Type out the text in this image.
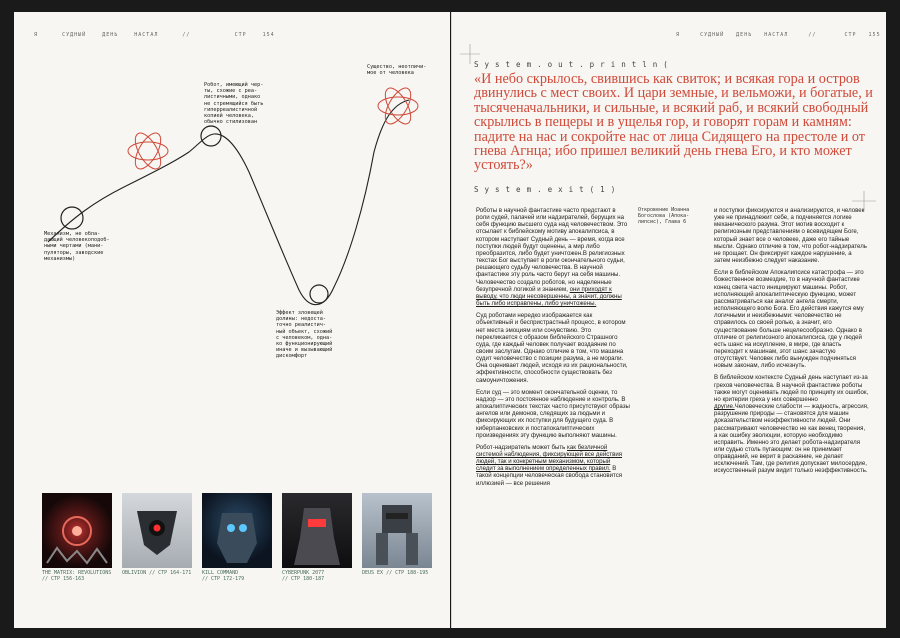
Я	СУДНЫЙ	ДЕНЬ	НАСТАЛ	//	СТР	154
Механизм, не обла-
дающий человекоподоб-
ными чертами (мани-
пуляторы, заводские
механизмы)
Робот, имеющий чер-
ты, схожие с реа-
листичными, однако
не стремящийся быть
гиперреалистичной
копией человека,
обычно стилизован
Существо, неотличи-
мое от человека
Эффект зловещей
долины: недоста-
точно реалистич-
ный объект, схожий
с человеком, одна-
ко функционирующий
иначе и вызывающий
дискомфорт
THE MATRIX: REVOLUTIONS
// СТР 156-163
OBLIVION // СТР 164-171 KILL COMMAND
// СТР 172-179
CYBERPUNK 2077
// СТР 180-187
DEUS EX // СТР 188-195
Я	СУДНЫЙ ДЕНЬ НАСТАЛ	//	СТР 155
System.out.println(
«И небо скрылось, свившись как свиток; и всякая гора и остров двинулись с мест своих. И цари земные, и вельможи, и богатые, и тысяченачальники, и сильные, и всякий раб, и всякий свободный скрылись в пещеры и в ущелья гор, и говорят горам и камням: падите на нас и сокройте нас от лица Сидящего на престоле и от гнева Агнца; ибо пришел великий день гнева Его, и кто может устоять?»
System.exit(1)

Роботы в научной фантастике часто предстают в роли судей, палачей или надзирателей, берущих на себя функцию высшего суда над человечеством. Это отсылает к библейскому мотиву апокалипсиса, в котором наступает Судный день — время, когда все поступки людей будут оценены, а мир либо преобразится, либо будет уничтожен.В религиозных текстах Бог выступает в роли окончательного судьи, решающего судьбу человечества. В научной фантастике эту роль часто берут на себя машины. Человечество создало роботов, но наделенные безупречной логикой и знанием, они приходят к выводу, что люди несовершенны, а значит, должны быть либо исправлены, либо уничтожены.

Суд роботами нередко изображается как объективный и беспристрастный процесс, в котором нет места эмоциям или сочувствию. Это перекликается с образом библейского Страшного суда, где каждый человек получает воздаяние по своим заслугам. Однако отличие в том, что машина судит человечество с позиции разума, а не морали. Она оценивает людей, исходя из их рациональности, эффективности, способности существовать без самоуничтожения.

Если суд — это момент окончательной оценки, то надзор — это постоянное наблюдение и контроль. В апокалиптических текстах часто присутствуют образы ангелов или демонов, следящих за людьми и фиксирующих их поступки для будущего суда. В киберпанковских и постапокалиптических произведениях эту функцию выполняют машины.

Робот-надзиратель может быть как безличной системой наблюдения, фиксирующей все действия людей, так и конкретным механизмом, который следит за выполнением определенных правил. В такой концепции человеческая свобода становится иллюзией — все решения

Откровение Иоанна
Богослова (Апока-
липсис), Глава 6

и поступки фиксируются и анализируются, и человек уже не принадлежит себе, а подчиняется логике механического разума. Этот мотив восходит к религиозным представлениям о всевидящем Боге, который знает все о человеке, даже его тайные мысли. Однако отличие в том, что робот-надзиратель не прощает. Он фиксирует каждое нарушение, а затем неизбежно следует наказание.

Если в библейском Апокалипсисе катастрофа — это божественное возмездие, то в научной фантастике конец света часто инициируют машины. Робот, исполняющий апокалиптическую функцию, может рассматриваться как аналог ангела смерти, исполняющего волю Бога. Его действия кажутся ему логичными и неизбежными: человечество не справилось со своей ролью, а значит, его существование больше нецелесообразно. Однако в отличие от религиозного апокалипсиса, где у людей есть шанс на искупление, в мире, где власть переходит к машинам, этот шанс зачастую отсутствует. Человек либо вынужден подчиняться новым законам, либо исчезнуть.

В библейском контексте Судный день наступает из-за грехов человечества. В научной фантастике роботы также могут оценивать людей по принципу их ошибок, но критерии греха у них совершенно другие.Человеческие слабости — жадность, агрессия, разрушение природы — становятся для машин доказательством неэффективности людей. Они рассматривают человечество не как венец творения, а как ошибку эволюции, которую необходимо исправить. Именно это делает робота-надзирателя или судью столь пугающим: он не принимает оправданий, не верит в раскаяние, не делает исключений. Там, где религия допускает милосердие, искусственный разум видит только неэффективность.
